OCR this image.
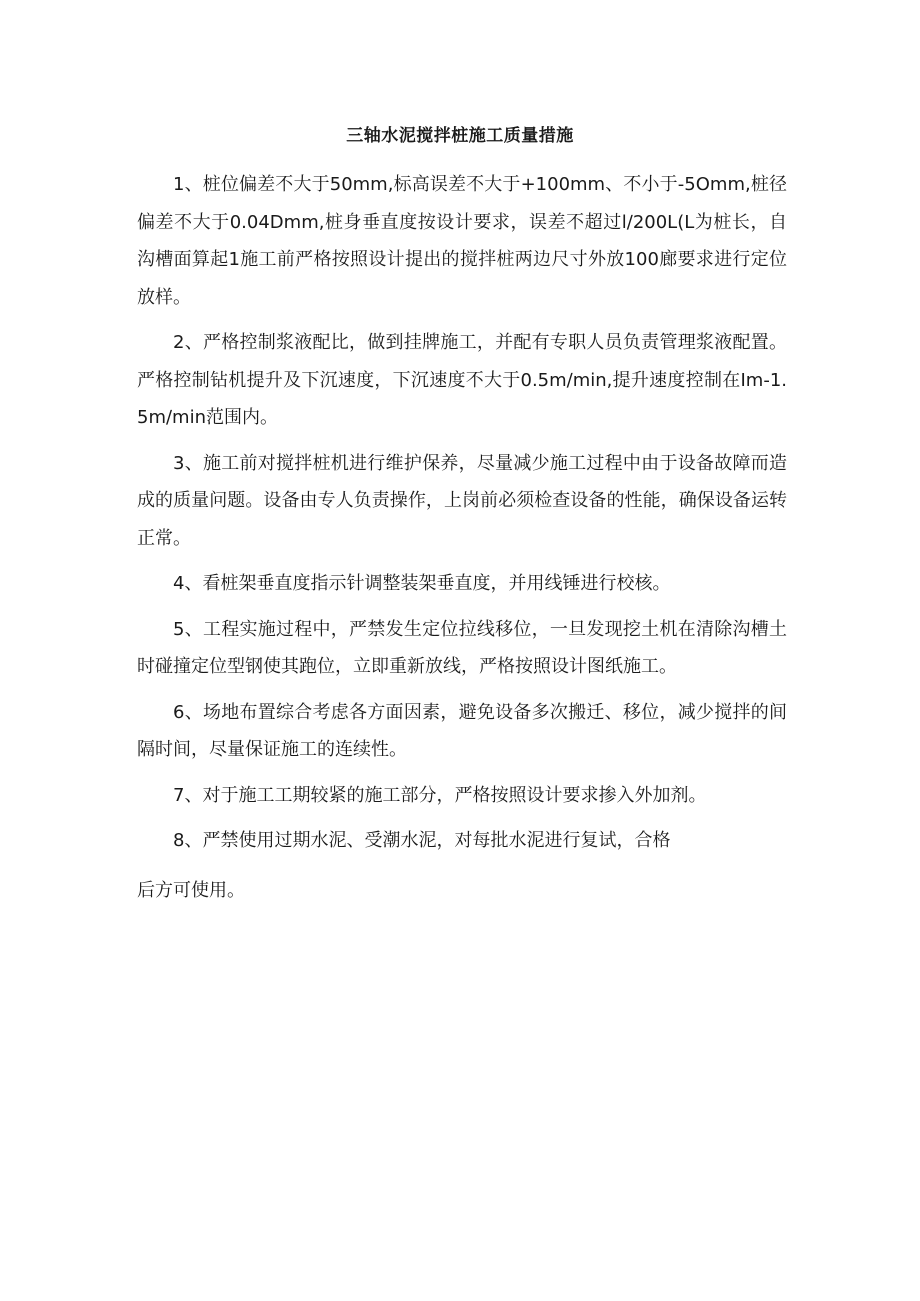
三轴水泥搅拌桩施工质量措施

1、桩位偏差不大于50mm,标高误差不大于+100mm、不小于-5Omm,桩径偏差不大于0.04Dmm,桩身垂直度按设计要求，误差不超过l∕200L(L为桩长，自沟槽面算起1施工前严格按照设计提出的搅拌桩两边尺寸外放100廊要求进行定位放样。

2、严格控制浆液配比，做到挂牌施工，并配有专职人员负责管理浆液配置。严格控制钻机提升及下沉速度，下沉速度不大于0.5m∕min,提升速度控制在Im-1.5m∕min范围内。

3、施工前对搅拌桩机进行维护保养，尽量减少施工过程中由于设备故障而造成的质量问题。设备由专人负责操作，上岗前必须检查设备的性能，确保设备运转正常。

4、看桩架垂直度指示针调整装架垂直度，并用线锤进行校核。

5、工程实施过程中，严禁发生定位拉线移位，一旦发现挖土机在清除沟槽土时碰撞定位型钢使其跑位，立即重新放线，严格按照设计图纸施工。

6、场地布置综合考虑各方面因素，避免设备多次搬迁、移位，减少搅拌的间隔时间，尽量保证施工的连续性。

7、对于施工工期较紧的施工部分，严格按照设计要求掺入外加剂。

8、严禁使用过期水泥、受潮水泥，对每批水泥进行复试，合格

后方可使用。
